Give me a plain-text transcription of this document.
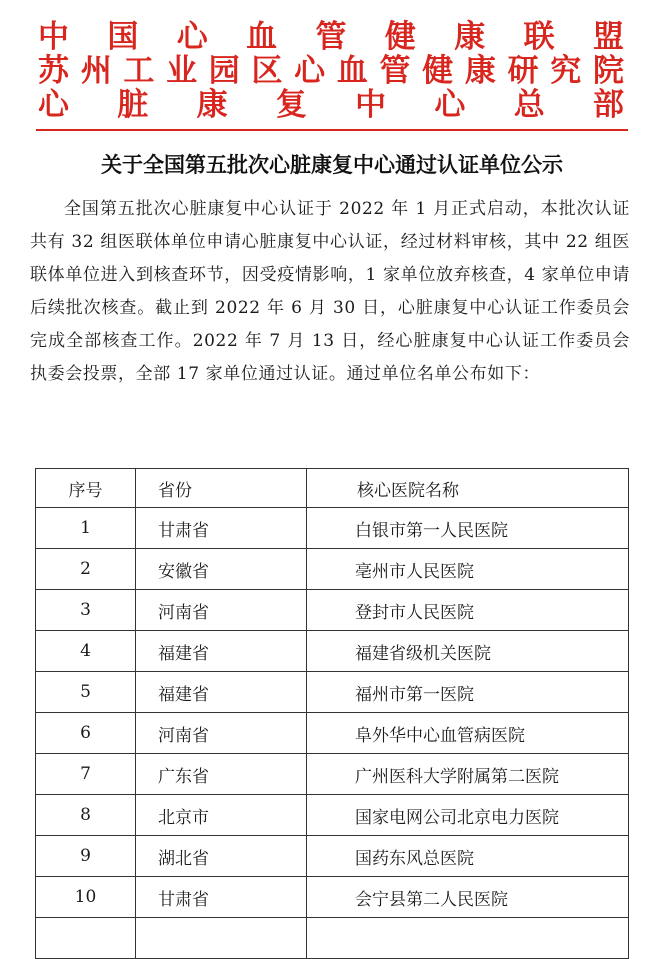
中 国 心 血 管 健 康 联 盟
苏 州 工 业 园 区 心 血 管 健 康 研 究 院
心 脏 康 复 中 心 总 部
关于全国第五批次心脏康复中心通过认证单位公示
全国第五批次心脏康复中心认证于 2022 年 1 月正式启动，本批次认证共有 32 组医联体单位申请心脏康复中心认证，经过材料审核，其中 22 组医联体单位进入到核查环节，因受疫情影响，1 家单位放弃核查，4 家单位申请后续批次核查。截止到 2022 年 6 月 30 日，心脏康复中心认证工作委员会完成全部核查工作。2022 年 7 月 13 日，经心脏康复中心认证工作委员会执委会投票，全部 17 家单位通过认证。通过单位名单公布如下：
序号	省份	核心医院名称
1	甘肃省	白银市第一人民医院
2	安徽省	亳州市人民医院
3	河南省	登封市人民医院
4	福建省	福建省级机关医院
5	福建省	福州市第一医院
6	河南省	阜外华中心血管病医院
7	广东省	广州医科大学附属第二医院
8	北京市	国家电网公司北京电力医院
9	湖北省	国药东风总医院
10	甘肃省	会宁县第二人民医院
